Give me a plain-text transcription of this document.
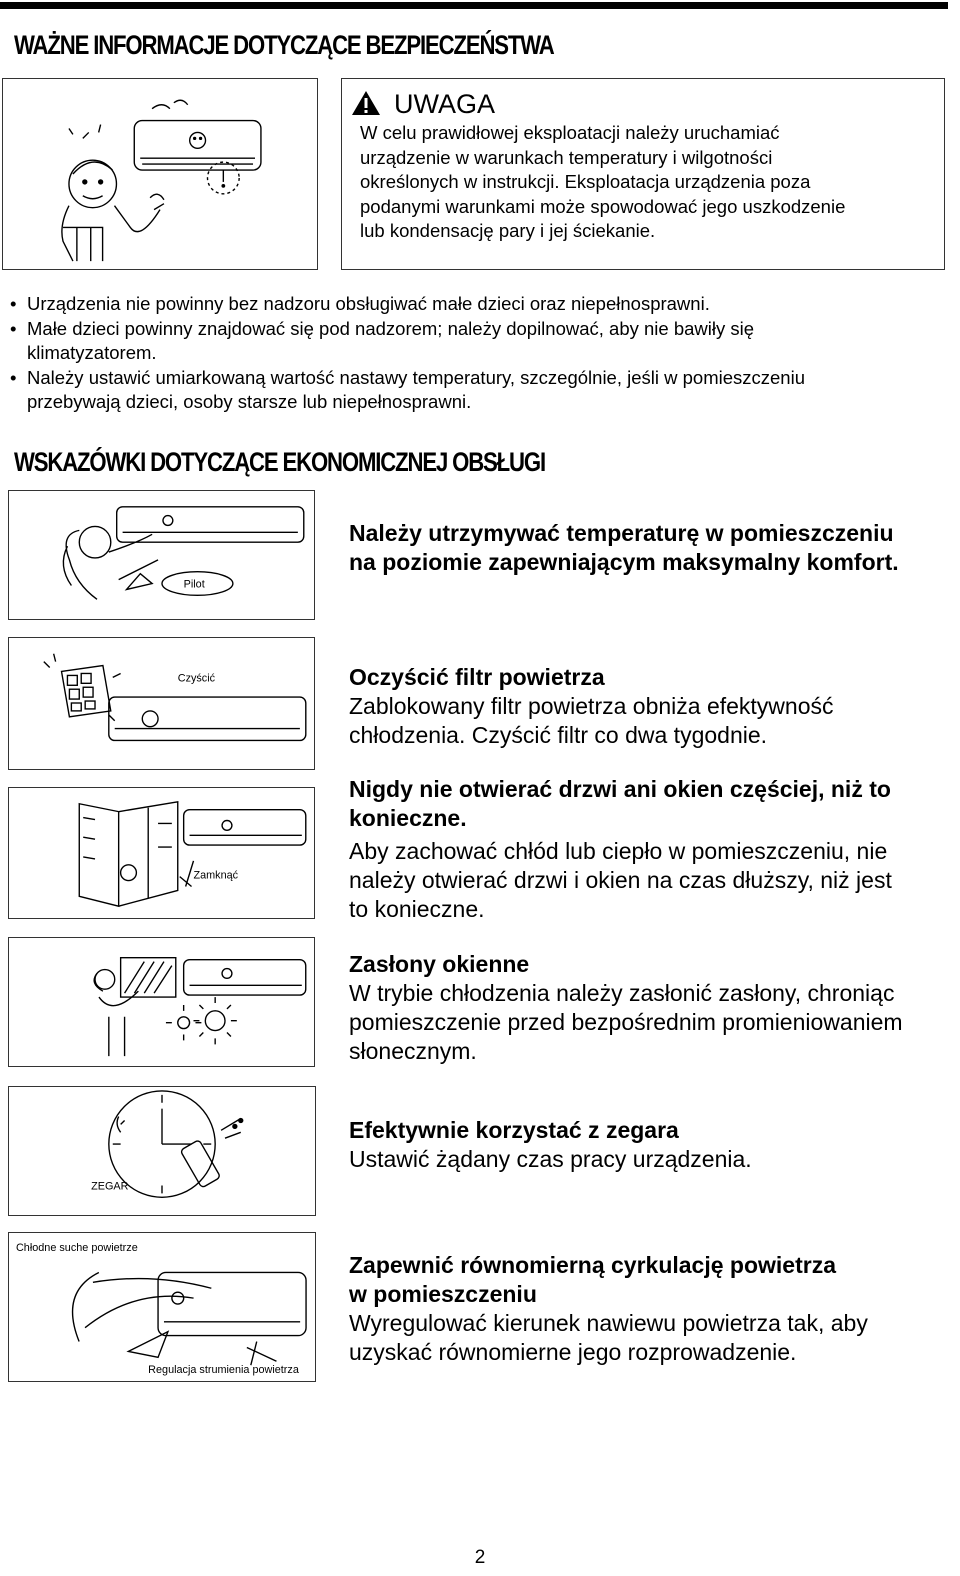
WAŻNE INFORMACJE DOTYCZĄCE BEZPIECZEŃSTWA
UWAGA
W celu prawidłowej eksploatacji należy uruchamiać
urządzenie w warunkach temperatury i wilgotności
określonych w instrukcji. Eksploatacja urządzenia poza
podanymi warunkami może spowodować jego uszkodzenie
lub kondensację pary i jej ściekanie.
• Urządzenia nie powinny bez nadzoru obsługiwać małe dzieci oraz niepełnosprawni.
• Małe dzieci powinny znajdować się pod nadzorem; należy dopilnować, aby nie bawiły się
klimatyzatorem.
• Należy ustawić umiarkowaną wartość nastawy temperatury, szczególnie, jeśli w pomieszczeniu
przebywają dzieci, osoby starsze lub niepełnosprawni.
WSKAZÓWKI DOTYCZĄCE EKONOMICZNEJ OBSŁUGI
Pilot
Należy utrzymywać temperaturę w pomieszczeniu
na poziomie zapewniającym maksymalny komfort.
Czyścić	Oczyścić filtr powietrza
Zablokowany filtr powietrza obniża efektywność
chłodzenia. Czyścić filtr co dwa tygodnie.
Zamknąć
Nigdy nie otwierać drzwi ani okien częściej, niż to
konieczne.
Aby zachować chłód lub ciepło w pomieszczeniu, nie
należy otwierać drzwi i okien na czas dłuższy, niż jest
to konieczne.
Zasłony okienne
W trybie chłodzenia należy zasłonić zasłony, chroniąc
pomieszczenie przed bezpośrednim promieniowaniem
słonecznym.
ZEGAR
Efektywnie korzystać z zegara
Ustawić żądany czas pracy urządzenia.
Chłodne suche powietrze
Regulacja strumienia powietrza
Zapewnić równomierną cyrkulację powietrza
w pomieszczeniu
Wyregulować kierunek nawiewu powietrza tak, aby
uzyskać równomierne jego rozprowadzenie.
2
